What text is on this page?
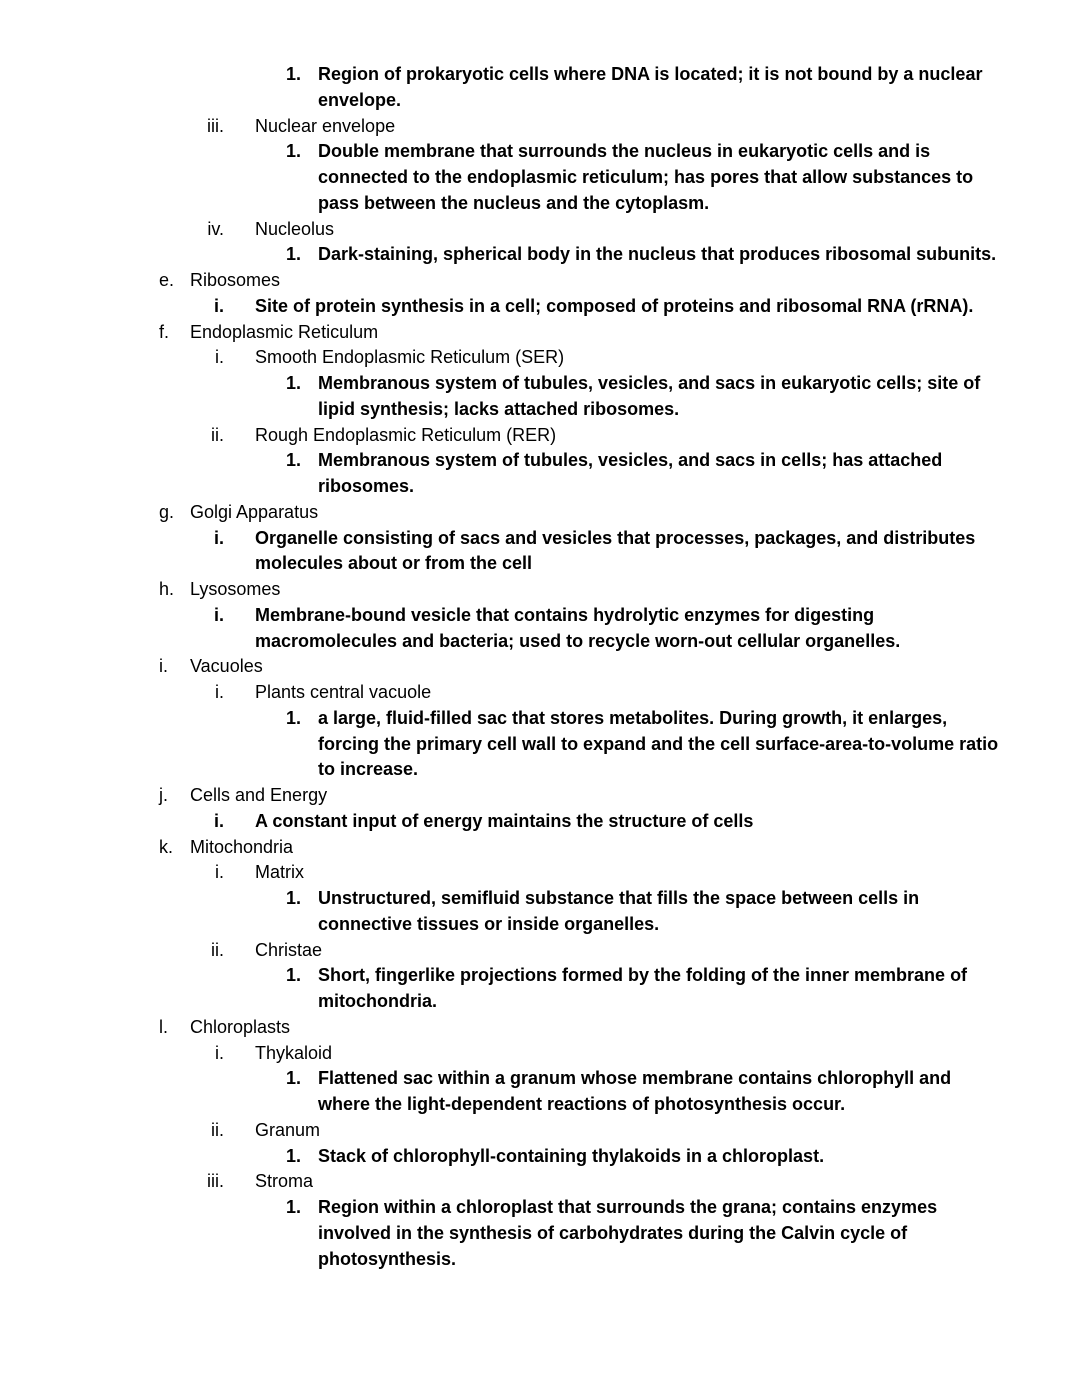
1. Region of prokaryotic cells where DNA is located; it is not bound by a nuclear envelope.
iii. Nuclear envelope
1. Double membrane that surrounds the nucleus in eukaryotic cells and is connected to the endoplasmic reticulum; has pores that allow substances to pass between the nucleus and the cytoplasm.
iv. Nucleolus
1. Dark-staining, spherical body in the nucleus that produces ribosomal subunits.
e. Ribosomes
i. Site of protein synthesis in a cell; composed of proteins and ribosomal RNA (rRNA).
f.	Endoplasmic Reticulum
i. Smooth Endoplasmic Reticulum (SER)
1. Membranous system of tubules, vesicles, and sacs in eukaryotic cells; site of lipid synthesis; lacks attached ribosomes.
ii. Rough Endoplasmic Reticulum (RER)
1. Membranous system of tubules, vesicles, and sacs in cells; has attached ribosomes.
g. Golgi Apparatus
i. Organelle consisting of sacs and vesicles that processes, packages, and distributes molecules about or from the cell
h. Lysosomes
i. Membrane-bound vesicle that contains hydrolytic enzymes for digesting macromolecules and bacteria; used to recycle worn-out cellular organelles.
i.	Vacuoles
i. Plants central vacuole
1. a large, fluid-filled sac that stores metabolites. During growth, it enlarges, forcing the primary cell wall to expand and the cell surface-area-to-volume ratio to increase.
j.	Cells and Energy
i. A constant input of energy maintains the structure of cells
k. Mitochondria
i. Matrix
1. Unstructured, semifluid substance that fills the space between cells in connective tissues or inside organelles.
ii. Christae
1. Short, fingerlike projections formed by the folding of the inner membrane of mitochondria.
l.	Chloroplasts
i. Thykaloid
1. Flattened sac within a granum whose membrane contains chlorophyll and where the light-dependent reactions of photosynthesis occur.
ii. Granum
1. Stack of chlorophyll-containing thylakoids in a chloroplast.
iii. Stroma
1. Region within a chloroplast that surrounds the grana; contains enzymes involved in the synthesis of carbohydrates during the Calvin cycle of photosynthesis.
